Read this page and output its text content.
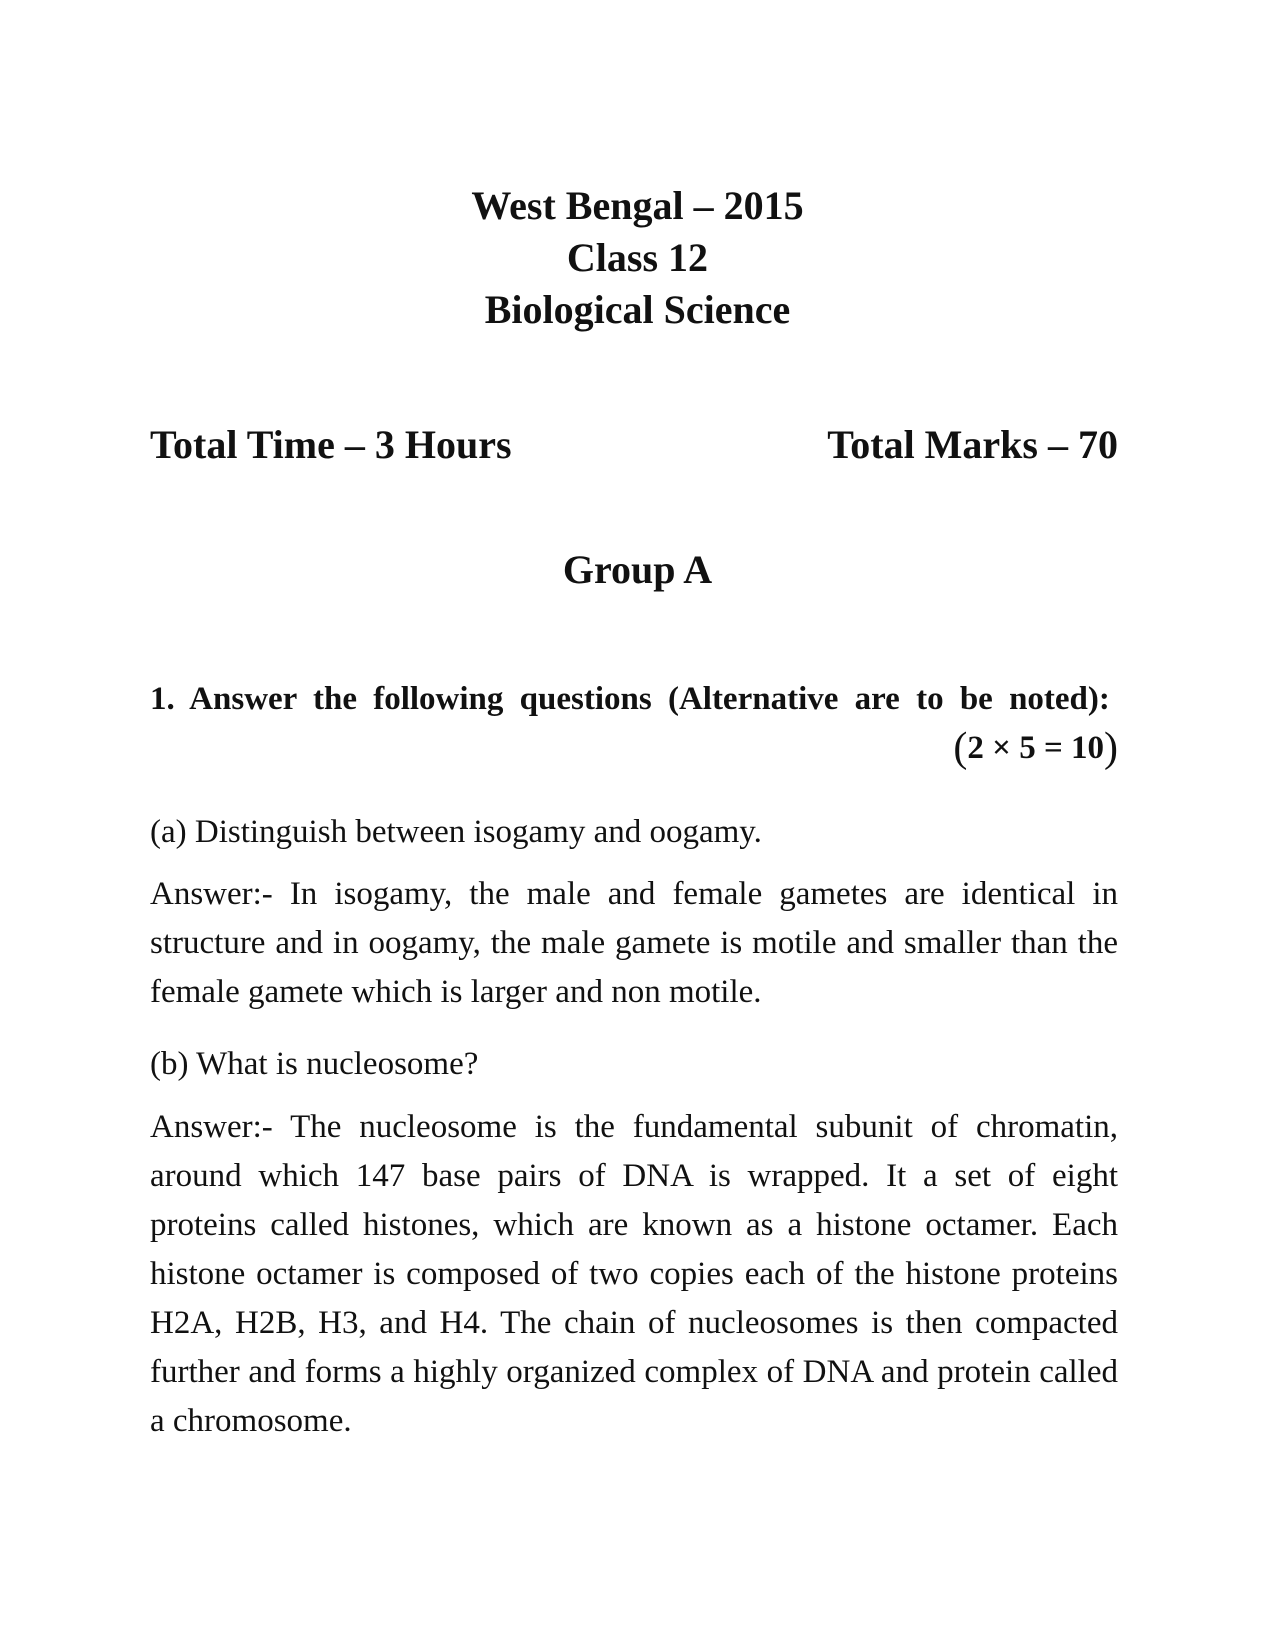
West Bengal – 2015
Class 12
Biological Science
Total Time – 3 Hours	Total Marks – 70
Group A
1. Answer the following questions (Alternative are to be noted):
(2 × 5 = 10)

(a) Distinguish between isogamy and oogamy.

Answer:- In isogamy, the male and female gametes are identical in structure and in oogamy, the male gamete is motile and smaller than the female gamete which is larger and non motile.

(b) What is nucleosome?

Answer:- The nucleosome is the fundamental subunit of chromatin, around which 147 base pairs of DNA is wrapped. It a set of eight proteins called histones, which are known as a histone octamer. Each histone octamer is composed of two copies each of the histone proteins H2A, H2B, H3, and H4. The chain of nucleosomes is then compacted further and forms a highly organized complex of DNA and protein called a chromosome.
